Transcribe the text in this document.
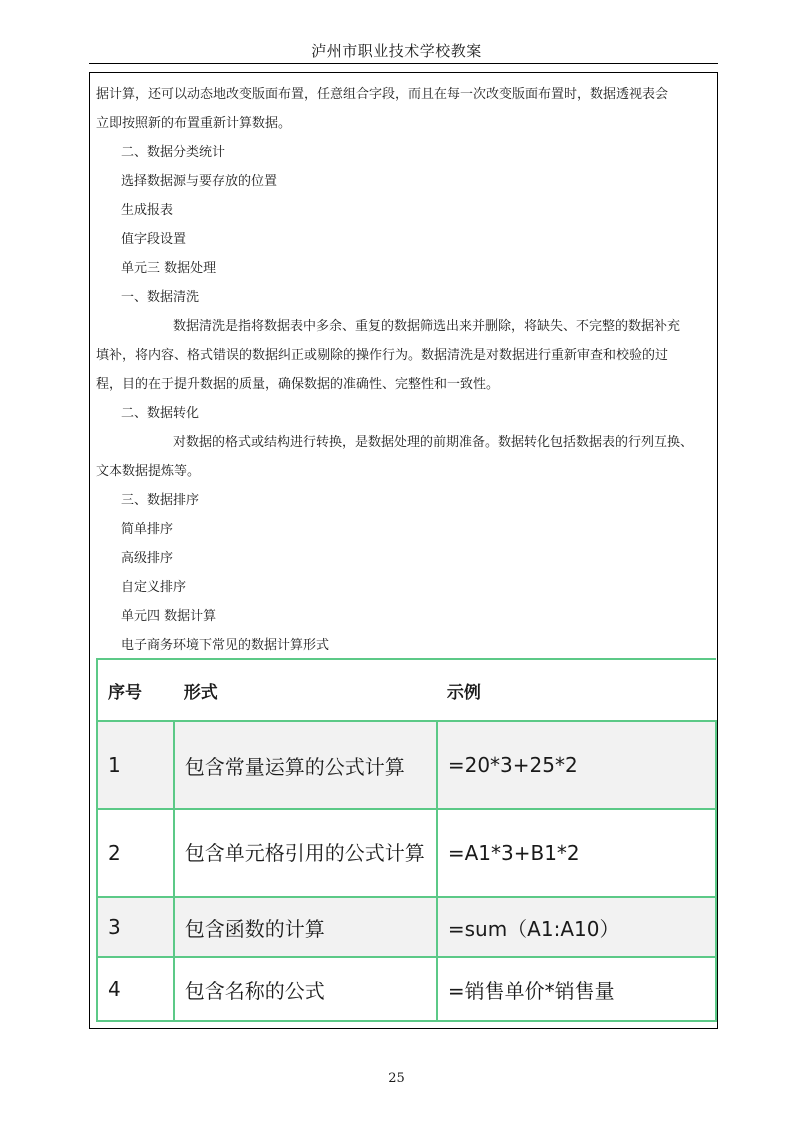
泸州市职业技术学校教案
据计算，还可以动态地改变版面布置，任意组合字段，而且在每一次改变版面布置时，数据透视表会
立即按照新的布置重新计算数据。
二、数据分类统计
选择数据源与要存放的位置
生成报表
值字段设置
单元三 数据处理
一、数据清洗
数据清洗是指将数据表中多余、重复的数据筛选出来并删除，将缺失、不完整的数据补充
填补，将内容、格式错误的数据纠正或剔除的操作行为。数据清洗是对数据进行重新审查和校验的过
程，目的在于提升数据的质量，确保数据的准确性、完整性和一致性。
二、数据转化
对数据的格式或结构进行转换，是数据处理的前期准备。数据转化包括数据表的行列互换、
文本数据提炼等。
三、数据排序
简单排序
高级排序
自定义排序
单元四 数据计算
电子商务环境下常见的数据计算形式
序号	形式	示例
1	包含常量运算的公式计算	=20*3+25*2
2	包含单元格引用的公式计算	=A1*3+B1*2
3	包含函数的计算	=sum（A1:A10）
4	包含名称的公式	=销售单价*销售量
25
